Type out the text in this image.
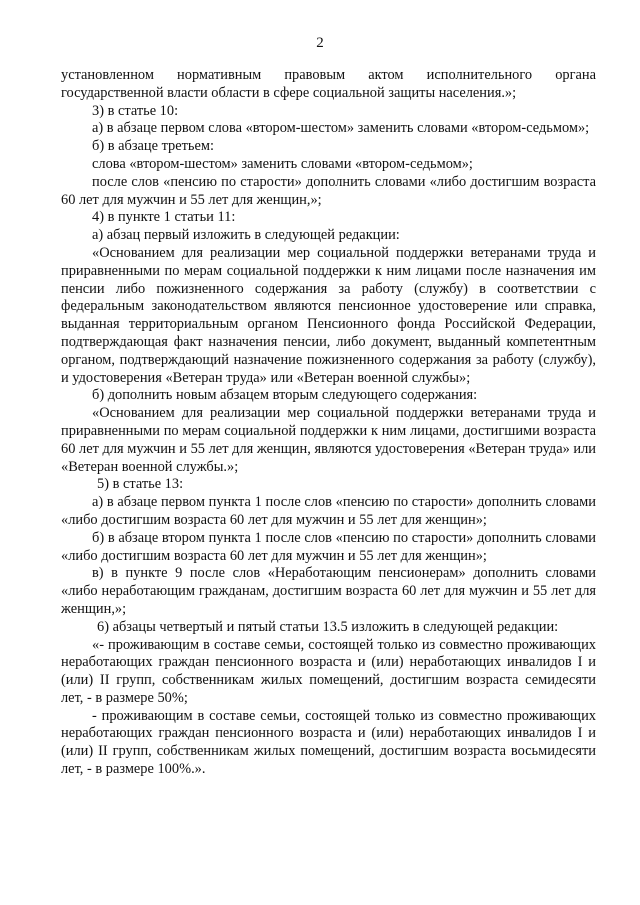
2

установленном нормативным правовым актом исполнительного органа государственной власти области в сфере социальной защиты населения.»;

3) в статье 10:

а) в абзаце первом слова «втором-шестом» заменить словами «втором-седьмом»;

б) в абзаце третьем:

слова «втором-шестом» заменить словами «втором-седьмом»;

после слов «пенсию по старости» дополнить словами «либо достигшим возраста 60 лет для мужчин и 55 лет для женщин,»;

4) в пункте 1 статьи 11:

а) абзац первый изложить в следующей редакции:

«Основанием для реализации мер социальной поддержки ветеранами труда и приравненными по мерам социальной поддержки к ним лицами после назначения им пенсии либо пожизненного содержания за работу (службу) в соответствии с федеральным законодательством являются пенсионное удостоверение или справка, выданная территориальным органом Пенсионного фонда Российской Федерации, подтверждающая факт назначения пенсии, либо документ, выданный компетентным органом, подтверждающий назначение пожизненного содержания за работу (службу), и удостоверения «Ветеран труда» или «Ветеран военной службы»;

б) дополнить новым абзацем вторым следующего содержания:

«Основанием для реализации мер социальной поддержки ветеранами труда и приравненными по мерам социальной поддержки к ним лицами, достигшими возраста 60 лет для мужчин и 55 лет для женщин, являются удостоверения «Ветеран труда» или «Ветеран военной службы.»;

5) в статье 13:

а) в абзаце первом пункта 1 после слов «пенсию по старости» дополнить словами «либо достигшим возраста 60 лет для мужчин и 55 лет для женщин»;

б) в абзаце втором пункта 1 после слов «пенсию по старости» дополнить словами «либо достигшим возраста 60 лет для мужчин и 55 лет для женщин»;

в) в пункте 9 после слов «Неработающим пенсионерам» дополнить словами «либо неработающим гражданам, достигшим возраста 60 лет для мужчин и 55 лет для женщин,»;

6) абзацы четвертый и пятый статьи 13.5 изложить в следующей редакции:

«- проживающим в составе семьи, состоящей только из совместно проживающих неработающих граждан пенсионного возраста и (или) неработающих инвалидов I и (или) II групп, собственникам жилых помещений, достигшим возраста семидесяти лет, - в размере 50%;

- проживающим в составе семьи, состоящей только из совместно проживающих неработающих граждан пенсионного возраста и (или) неработающих инвалидов I и (или) II групп, собственникам жилых помещений, достигшим возраста восьмидесяти лет, - в размере 100%.».
